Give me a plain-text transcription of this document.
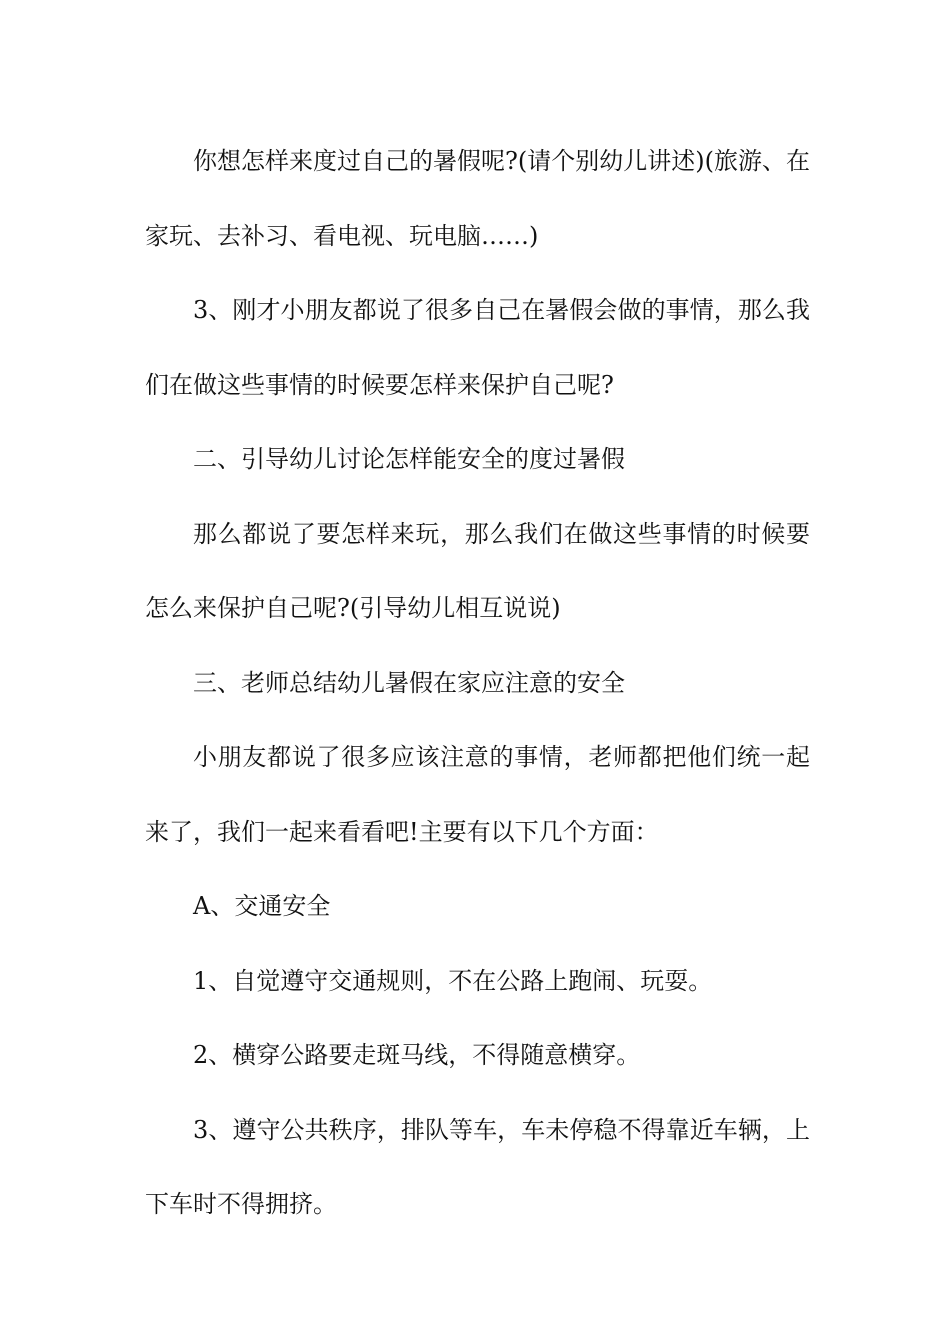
你想怎样来度过自己的暑假呢?(请个别幼儿讲述)(旅游、在家玩、去补习、看电视、玩电脑……)

3、刚才小朋友都说了很多自己在暑假会做的事情，那么我们在做这些事情的时候要怎样来保护自己呢?

二、引导幼儿讨论怎样能安全的度过暑假

那么都说了要怎样来玩，那么我们在做这些事情的时候要怎么来保护自己呢?(引导幼儿相互说说)

三、老师总结幼儿暑假在家应注意的安全

小朋友都说了很多应该注意的事情，老师都把他们统一起来了，我们一起来看看吧!主要有以下几个方面：

A、交通安全

1、自觉遵守交通规则，不在公路上跑闹、玩耍。

2、横穿公路要走斑马线，不得随意横穿。

3、遵守公共秩序，排队等车，车未停稳不得靠近车辆，上下车时不得拥挤。
